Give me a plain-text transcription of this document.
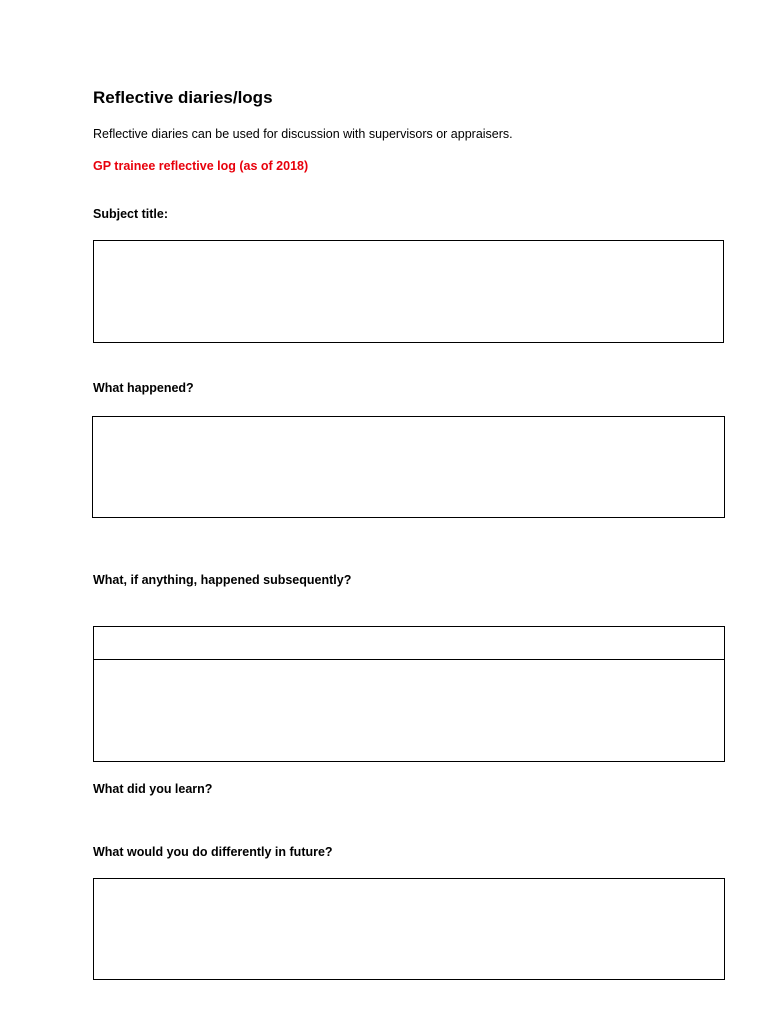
Reflective diaries/logs
Reflective diaries can be used for discussion with supervisors or appraisers.
GP trainee reflective log (as of 2018)
Subject title:
What happened?
What, if anything, happened subsequently?
What did you learn?
What would you do differently in future?
